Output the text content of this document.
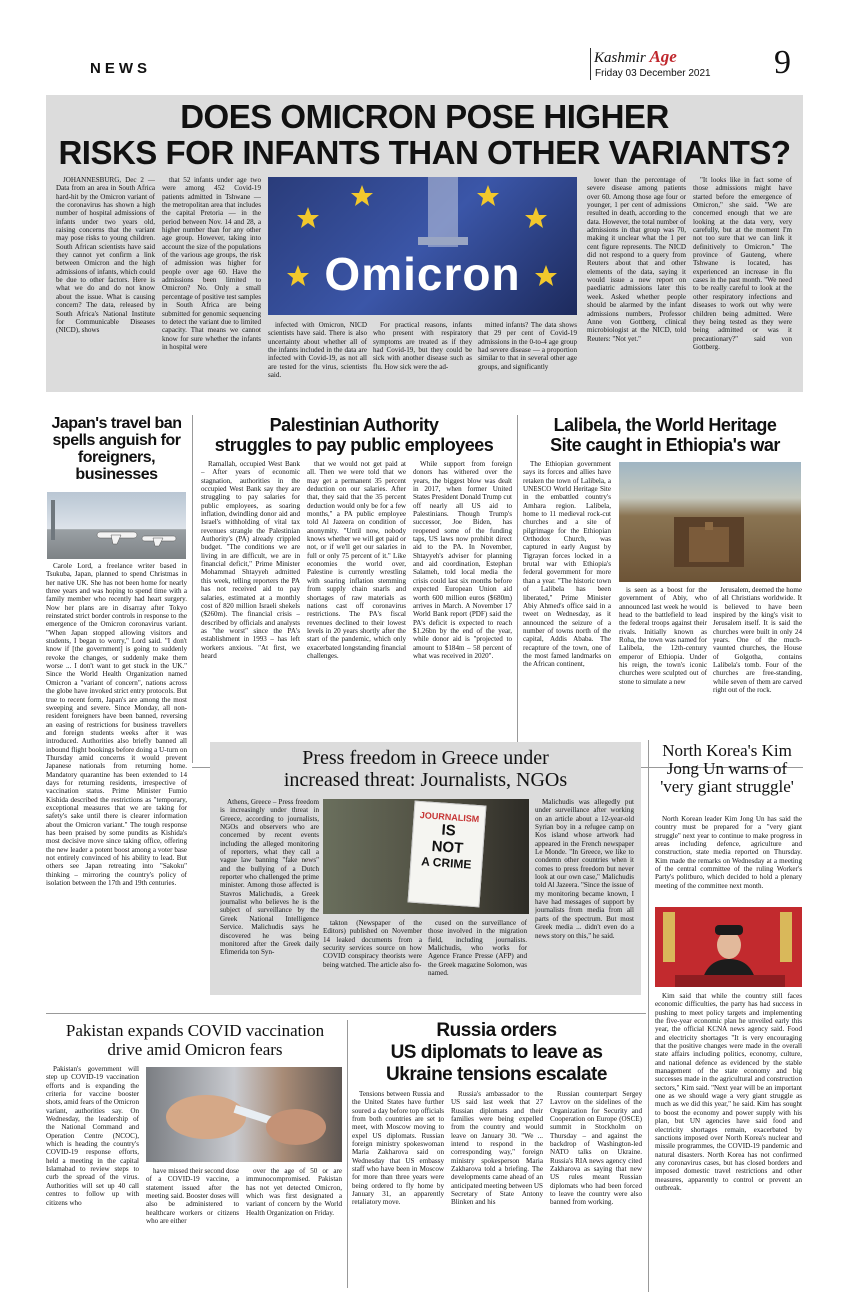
NEWS
Kashmir Age
Friday 03 December 2021 9
DOES OMICRON POSE HIGHER
RISKS FOR INFANTS THAN OTHER VARIANTS?

JOHANNESBURG, Dec 2 — Data from an area in South Africa hard-hit by the Omicron variant of the coronavirus has shown a high number of hospital admissions of infants under two years old, raising concerns that the variant may pose risks to young children. South African scientists have said they cannot yet confirm a link between Omicron and the high admissions of infants, which could be due to other factors. Here is what we do and do not know about the issue. What is causing concern? The data, released by South Africa's National Institute for Communicable Diseases (NICD), shows

that 52 infants under age two were among 452 Covid-19 patients admitted in Tshwane — the metropolitan area that includes the capital Pretoria — in the period between Nov. 14 and 28, a higher number than for any other age group. However, taking into account the size of the populations of the various age groups, the risk of admission was higher for people over age 60. Have the admissions been limited to Omicron? No. Only a small percentage of positive test samples in South Africa are being submitted for genomic sequencing to detect the variant due to limited capacity. That means we cannot know for sure whether the infants in hospital were

Omicron

infected with Omicron, NICD scientists have said. There is also uncertainty about whether all of the infants included in the data are infected with Covid-19, as not all are tested for the virus, scientists said.

For practical reasons, infants who present with respiratory symptoms are treated as if they had Covid-19, but they could be sick with another disease such as flu. How sick were the ad-

mitted infants? The data shows that 29 per cent of Covid-19 admissions in the 0-to-4 age group had severe disease — a proportion similar to that in several other age groups, and significantly

lower than the percentage of severe disease among patients over 60. Among those age four or younger, 1 per cent of admissions resulted in death, according to the data. However, the total number of admissions in that group was 70, making it unclear what the 1 per cent figure represents. The NICD did not respond to a query from Reuters about that and other elements of the data, saying it would issue a new report on paediatric admissions later this week. Asked whether people should be alarmed by the infant admissions numbers, Professor Anne von Gottberg, clinical microbiologist at the NICD, told Reuters: "Not yet."

"It looks like in fact some of those admissions might have started before the emergence of Omicron," she said. "We are concerned enough that we are looking at the data very, very carefully, but at the moment I'm not too sure that we can link it definitively to Omicron." The province of Gauteng, where Tshwane is located, has experienced an increase in flu cases in the past month. "We need to be really careful to look at the other respiratory infections and diseases to work out why were children being admitted. Were they being tested as they were being admitted or was it precautionary?" said von Gottberg.

Japan's travel ban spells anguish for foreigners, businesses

Carole Lord, a freelance writer based in Tsukuba, Japan, planned to spend Christmas in her native UK. She has not been home for nearly three years and was hoping to spend time with a family member who recently had heart surgery. Now her plans are in disarray after Tokyo reinstated strict border controls in response to the emergence of the Omicron coronavirus variant. "When Japan stopped allowing visitors and students, I began to worry," Lord said. "I don't know if [the government] is going to suddenly revoke the changes, or suddenly make them worse ... I don't want to get stuck in the UK." Since the World Health Organization named Omicron a "variant of concern", nations across the globe have invoked strict entry protocols. But true to recent form, Japan's are among the most sweeping and severe. Since Monday, all non-resident foreigners have been banned, reversing an easing of restrictions for business travellers and foreign students weeks after it was introduced. Authorities also briefly banned all inbound flight bookings before doing a U-turn on Thursday amid concerns it would prevent Japanese nationals from returning home. Mandatory quarantine has been extended to 14 days for returning residents, irrespective of vaccination status. Prime Minister Fumio Kishida described the restrictions as "temporary, exceptional measures that we are taking for safety's sake until there is clearer information about the Omicron variant." The tough response has been praised by some pundits as Kishida's most decisive move since taking office, offering the new leader a potent boost among a voter base not entirely convinced of his ability to lead. But others see Japan retreating into "Sakoku" thinking – mirroring the country's policy of isolation between the 17th and 19th centuries.

Palestinian Authority
struggles to pay public employees

Ramallah, occupied West Bank – After years of economic stagnation, authorities in the occupied West Bank say they are struggling to pay salaries for public employees, as soaring inflation, dwindling donor aid and Israel's withholding of vital tax revenues strangle the Palestinian Authority's (PA) already crippled budget. "The conditions we are living in are difficult, we are in financial deficit," Prime Minister Mohammad Shtayyeh admitted this week, telling reporters the PA has not received aid to pay salaries, estimated at a monthly cost of 820 million Israeli shekels ($260m). The financial crisis – described by officials and analysts as "the worst" since the PA's establishment in 1993 – has left workers anxious. "At first, we heard

that we would not get paid at all. Then we were told that we may get a permanent 35 percent deduction on our salaries. After that, they said that the 35 percent deduction would only be for a few months," a PA public employee told Al Jazeera on condition of anonymity. "Until now, nobody knows whether we will get paid or not, or if we'll get our salaries in full or only 75 percent of it." Like economies the world over, Palestine is currently wrestling with soaring inflation stemming from supply chain snarls and shortages of raw materials as nations cast off coronavirus restrictions. The PA's fiscal revenues declined to their lowest levels in 20 years shortly after the start of the pandemic, which only exacerbated longstanding financial challenges.

While support from foreign donors has withered over the years, the biggest blow was dealt in 2017, when former United States President Donald Trump cut off nearly all US aid to Palestinians. Though Trump's successor, Joe Biden, has reopened some of the funding taps, US laws now prohibit direct aid to the PA. In November, Shtayyeh's adviser for planning and aid coordination, Estephan Salameh, told local media the crisis could last six months before expected European Union aid worth 600 million euros ($680m) arrives in March. A November 17 World Bank report (PDF) said the PA's deficit is expected to reach $1.26bn by the end of the year, while donor aid is "projected to amount to $184m – 58 percent of what was received in 2020".

Lalibela, the World Heritage
Site caught in Ethiopia's war

The Ethiopian government says its forces and allies have retaken the town of Lalibela, a UNESCO World Heritage Site in the embattled country's Amhara region. Lalibela, home to 11 medieval rock-cut churches and a site of pilgrimage for the Ethiopian Orthodox Church, was captured in early August by Tigrayan forces locked in a brutal war with Ethiopia's federal government for more than a year. "The historic town of Lalibela has been liberated," Prime Minister Abiy Ahmed's office said in a tweet on Wednesday, as it announced the seizure of a number of towns north of the capital, Addis Ababa. The recapture of the town, one of the most famed landmarks on the African continent,

is seen as a boost for the government of Abiy, who announced last week he would head to the battlefield to lead the federal troops against their rivals. Initially known as Roha, the town was named for Lalibela, the 12th-century emperor of Ethiopia. Under his reign, the town's iconic churches were sculpted out of stone to simulate a new

Jerusalem, deemed the home of all Christians worldwide. It is believed to have been inspired by the king's visit to Jerusalem itself. It is said the churches were built in only 24 years. One of the much-vaunted churches, the House of Golgotha, contains Lalibela's tomb. Four of the churches are free-standing, while seven of them are carved right out of the rock.

Press freedom in Greece under
increased threat: Journalists, NGOs

Athens, Greece – Press freedom is increasingly under threat in Greece, according to journalists, NGOs and observers who are concerned by recent events including the alleged monitoring of reporters, what they call a vague law banning "fake news" and the bullying of a Dutch reporter who challenged the prime minister. Among those affected is Stavros Malichudis, a Greek journalist who believes he is the subject of surveillance by the Greek National Intelligence Service. Malichudis says he discovered he was being monitored after the Greek daily Efimerida ton Syn-

JOURNALISM
IS
NOT
A CRIME

takton (Newspaper of the Editors) published on November 14 leaked documents from a security services source on how COVID conspiracy theorists were being watched. The article also fo-

cused on the surveillance of those involved in the migration field, including journalists. Malichudis, who works for Agence France Presse (AFP) and the Greek magazine Solomon, was named.

Malichudis was allegedly put under surveillance after working on an article about a 12-year-old Syrian boy in a refugee camp on Kos island whose artwork had appeared in the French newspaper Le Monde. "In Greece, we like to condemn other countries when it comes to press freedom but never look at our own case," Malichudis told Al Jazeera. "Since the issue of my monitoring became known, I have had messages of support by journalists from media from all parts of the spectrum. But most Greek media ... didn't even do a news story on this," he said.

North Korea's Kim Jong Un warns of 'very giant struggle'

North Korean leader Kim Jong Un has said the country must be prepared for a "very giant struggle" next year to continue to make progress in areas including defence, agriculture and construction, state media reported on Thursday. Kim made the remarks on Wednesday at a meeting of the central committee of the ruling Worker's Party's politburo, which decided to hold a plenary meeting of the committee next month.

Kim said that while the country still faces economic difficulties, the party has had success in pushing to meet policy targets and implementing the five-year economic plan he unveiled early this year, the official KCNA news agency said. Food and electricity shortages "It is very encouraging that the positive changes were made in the overall state affairs including politics, economy, culture, and national defence as evidenced by the stable management of the state economy and big successes made in the agricultural and construction sectors," Kim said. "Next year will be an important one as we should wage a very giant struggle as much as we did this year," he said. Kim has sought to boost the economy and power supply with his plan, but UN agencies have said food and electricity shortages remain, exacerbated by sanctions imposed over North Korea's nuclear and missile programmes, the COVID-19 pandemic and natural disasters. North Korea has not confirmed any coronavirus cases, but has closed borders and imposed domestic travel restrictions and other measures, apparently to control or prevent an outbreak.

Pakistan expands COVID vaccination
drive amid Omicron fears

Pakistan's government will step up COVID-19 vaccination efforts and is expanding the criteria for vaccine booster shots, amid fears of the Omicron variant, authorities say. On Wednesday, the leadership of the National Command and Operation Centre (NCOC), which is heading the country's COVID-19 response efforts, held a meeting in the capital Islamabad to review steps to curb the spread of the virus. Authorities will set up 40 call centres to follow up with citizens who

have missed their second dose of a COVID-19 vaccine, a statement issued after the meeting said. Booster doses will also be administered to healthcare workers or citizens who are either

over the age of 50 or are immunocompromised. Pakistan has not yet detected Omicron, which was first designated a variant of concern by the World Health Organization on Friday.

Russia orders
US diplomats to leave as
Ukraine tensions escalate

Tensions between Russia and the United States have further soured a day before top officials from both countries are set to meet, with Moscow moving to expel US diplomats. Russian foreign ministry spokeswoman Maria Zakharova said on Wednesday that US embassy staff who have been in Moscow for more than three years were being ordered to fly home by January 31, an apparently retaliatory move.

Russia's ambassador to the US said last week that 27 Russian diplomats and their families were being expelled from the country and would leave on January 30. "We ... intend to respond in the corresponding way," foreign ministry spokesperson Maria Zakharova told a briefing. The developments came ahead of an anticipated meeting between US Secretary of State Antony Blinken and his

Russian counterpart Sergey Lavrov on the sidelines of the Organization for Security and Cooperation on Europe (OSCE) summit in Stockholm on Thursday – and against the backdrop of Washington-led NATO talks on Ukraine. Russia's RIA news agency cited Zakharova as saying that new US rules meant Russian diplomats who had been forced to leave the country were also banned from working.
